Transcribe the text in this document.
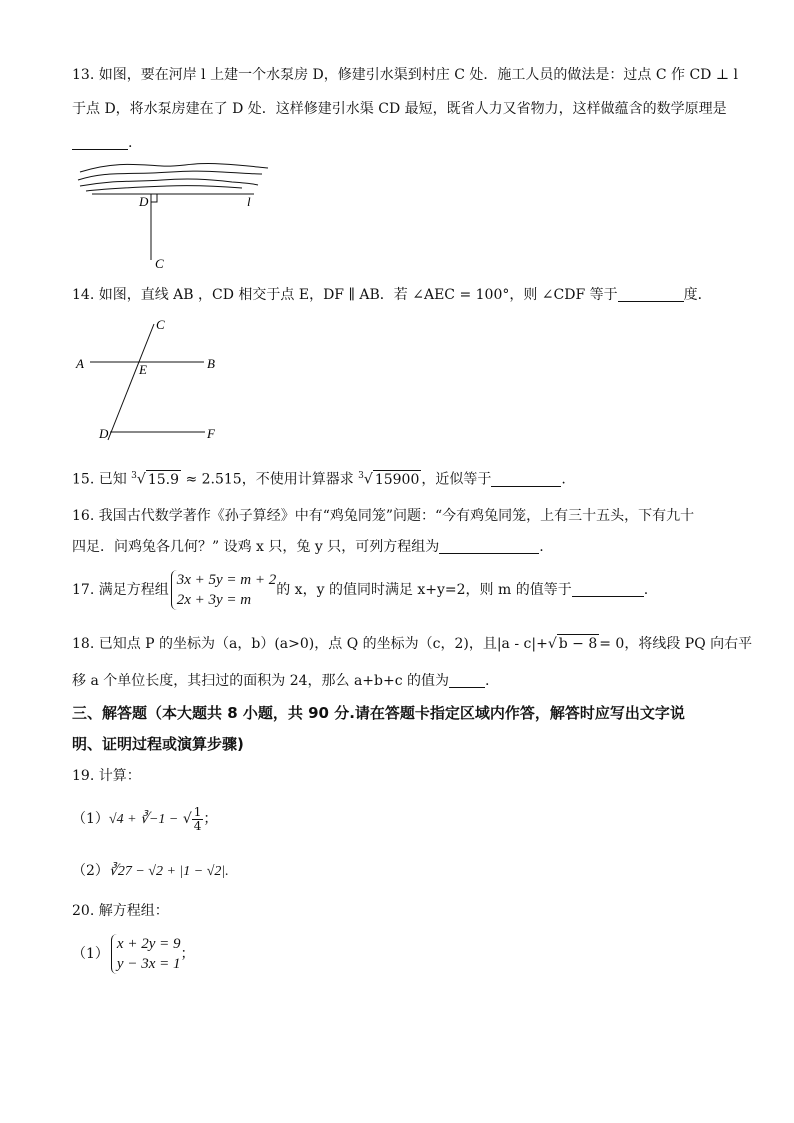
13. 如图，要在河岸 l 上建一个水泵房 D，修建引水渠到村庄 C 处．施工人员的做法是：过点 C 作 CD ⊥ l
于点 D，将水泵房建在了 D 处．这样修建引水渠 CD 最短，既省人力又省物力，这样做蕴含的数学原理是
.
D	l
C
14. 如图，直线 AB ，CD 相交于点 E，DF ∥ AB．若 ∠AEC = 100°，则 ∠CDF 等于	度．
A	B
C
E
D	F
15. 已知 $^3$√ 15.9 ≈ 2.515，不使用计算器求 $^3$√ 15900 ，近似等于	.
16. 我国古代数学著作《孙子算经》中有“鸡兔同笼”问题：“今有鸡兔同笼，上有三十五头，下有九十
四足．问鸡兔各几何？” 设鸡 x 只，兔 y 只，可列方程组为	.
17. 满足方程组
3x + 5y = m + 2
2x + 3y = m
的 x，y 的值同时满足 x+y=2，则 m 的值等于	.
18. 已知点 P 的坐标为（a，b）(a>0)，点 Q 的坐标为（c，2)，且|a - c|+√ b − 8 = 0，将线段 PQ 向右平
移 a 个单位长度，其扫过的面积为 24，那么 a+b+c 的值为	.
三、解答题（本大题共 8 小题，共 90 分.请在答题卡指定区域内作答，解答时应写出文字说
明、证明过程或演算步骤)
19. 计算：
（1）√4 + ∛−1 − √ $\frac{1}{4}$ ；
（2）∛27 − √2 + |1 − √2|.
20. 解方程组：
（1）
x + 2y = 9
y − 3x = 1
；
